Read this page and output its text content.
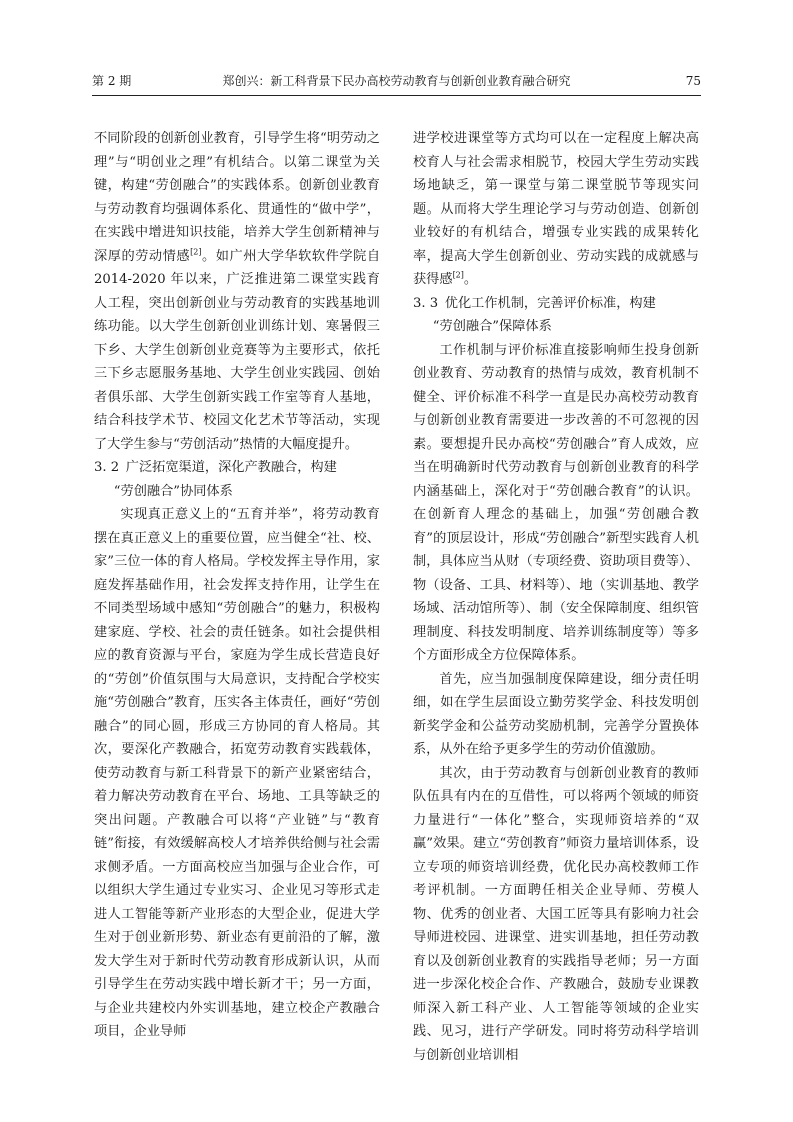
第 2 期	郑创兴：新工科背景下民办高校劳动教育与创新创业教育融合研究	75

不同阶段的创新创业教育，引导学生将“明劳动之理”与“明创业之理”有机结合。以第二课堂为关键，构建“劳创融合”的实践体系。创新创业教育与劳动教育均强调体系化、贯通性的“做中学”，在实践中增进知识技能，培养大学生创新精神与深厚的劳动情感[2]。如广州大学华软软件学院自 2014-2020 年以来，广泛推进第二课堂实践育人工程，突出创新创业与劳动教育的实践基地训练功能。以大学生创新创业训练计划、寒暑假三下乡、大学生创新创业竞赛等为主要形式，依托三下乡志愿服务基地、大学生创业实践园、创始者俱乐部、大学生创新实践工作室等育人基地，结合科技学术节、校园文化艺术节等活动，实现了大学生参与“劳创活动”热情的大幅度提升。

3. 2 广泛拓宽渠道，深化产教融合，构建
“劳创融合”协同体系

实现真正意义上的“五育并举”，将劳动教育摆在真正意义上的重要位置，应当健全“社、校、家”三位一体的育人格局。学校发挥主导作用，家庭发挥基础作用，社会发挥支持作用，让学生在不同类型场域中感知“劳创融合”的魅力，积极构建家庭、学校、社会的责任链条。如社会提供相应的教育资源与平台，家庭为学生成长营造良好的“劳创”价值氛围与大局意识，支持配合学校实施“劳创融合”教育，压实各主体责任，画好“劳创融合”的同心圆，形成三方协同的育人格局。其次，要深化产教融合，拓宽劳动教育实践载体，使劳动教育与新工科背景下的新产业紧密结合，着力解决劳动教育在平台、场地、工具等缺乏的突出问题。产教融合可以将“产业链”与“教育链”衔接，有效缓解高校人才培养供给侧与社会需求侧矛盾。一方面高校应当加强与企业合作，可以组织大学生通过专业实习、企业见习等形式走进人工智能等新产业形态的大型企业，促进大学生对于创业新形势、新业态有更前沿的了解，激发大学生对于新时代劳动教育形成新认识，从而引导学生在劳动实践中增长新才干；另一方面，与企业共建校内外实训基地，建立校企产教融合项目，企业导师

进学校进课堂等方式均可以在一定程度上解决高校育人与社会需求相脱节，校园大学生劳动实践场地缺乏，第一课堂与第二课堂脱节等现实问题。从而将大学生理论学习与劳动创造、创新创业较好的有机结合，增强专业实践的成果转化率，提高大学生创新创业、劳动实践的成就感与获得感[2]。

3. 3 优化工作机制，完善评价标准，构建
“劳创融合”保障体系

工作机制与评价标准直接影响师生投身创新创业教育、劳动教育的热情与成效，教育机制不健全、评价标准不科学一直是民办高校劳动教育与创新创业教育需要进一步改善的不可忽视的因素。要想提升民办高校“劳创融合”育人成效，应当在明确新时代劳动教育与创新创业教育的科学内涵基础上，深化对于“劳创融合教育”的认识。在创新育人理念的基础上，加强“劳创融合教育”的顶层设计，形成“劳创融合”新型实践育人机制，具体应当从财（专项经费、资助项目费等）、物（设备、工具、材料等）、地（实训基地、教学场域、活动馆所等）、制（安全保障制度、组织管理制度、科技发明制度、培养训练制度等）等多个方面形成全方位保障体系。

首先，应当加强制度保障建设，细分责任明细，如在学生层面设立勤劳奖学金、科技发明创新奖学金和公益劳动奖励机制，完善学分置换体系，从外在给予更多学生的劳动价值激励。

其次，由于劳动教育与创新创业教育的教师队伍具有内在的互借性，可以将两个领域的师资力量进行“一体化”整合，实现师资培养的“双赢”效果。建立“劳创教育”师资力量培训体系，设立专项的师资培训经费，优化民办高校教师工作考评机制。一方面聘任相关企业导师、劳模人物、优秀的创业者、大国工匠等具有影响力社会导师进校园、进课堂、进实训基地，担任劳动教育以及创新创业教育的实践指导老师；另一方面进一步深化校企合作、产教融合，鼓励专业课教师深入新工科产业、人工智能等领域的企业实践、见习，进行产学研发。同时将劳动科学培训与创新创业培训相
